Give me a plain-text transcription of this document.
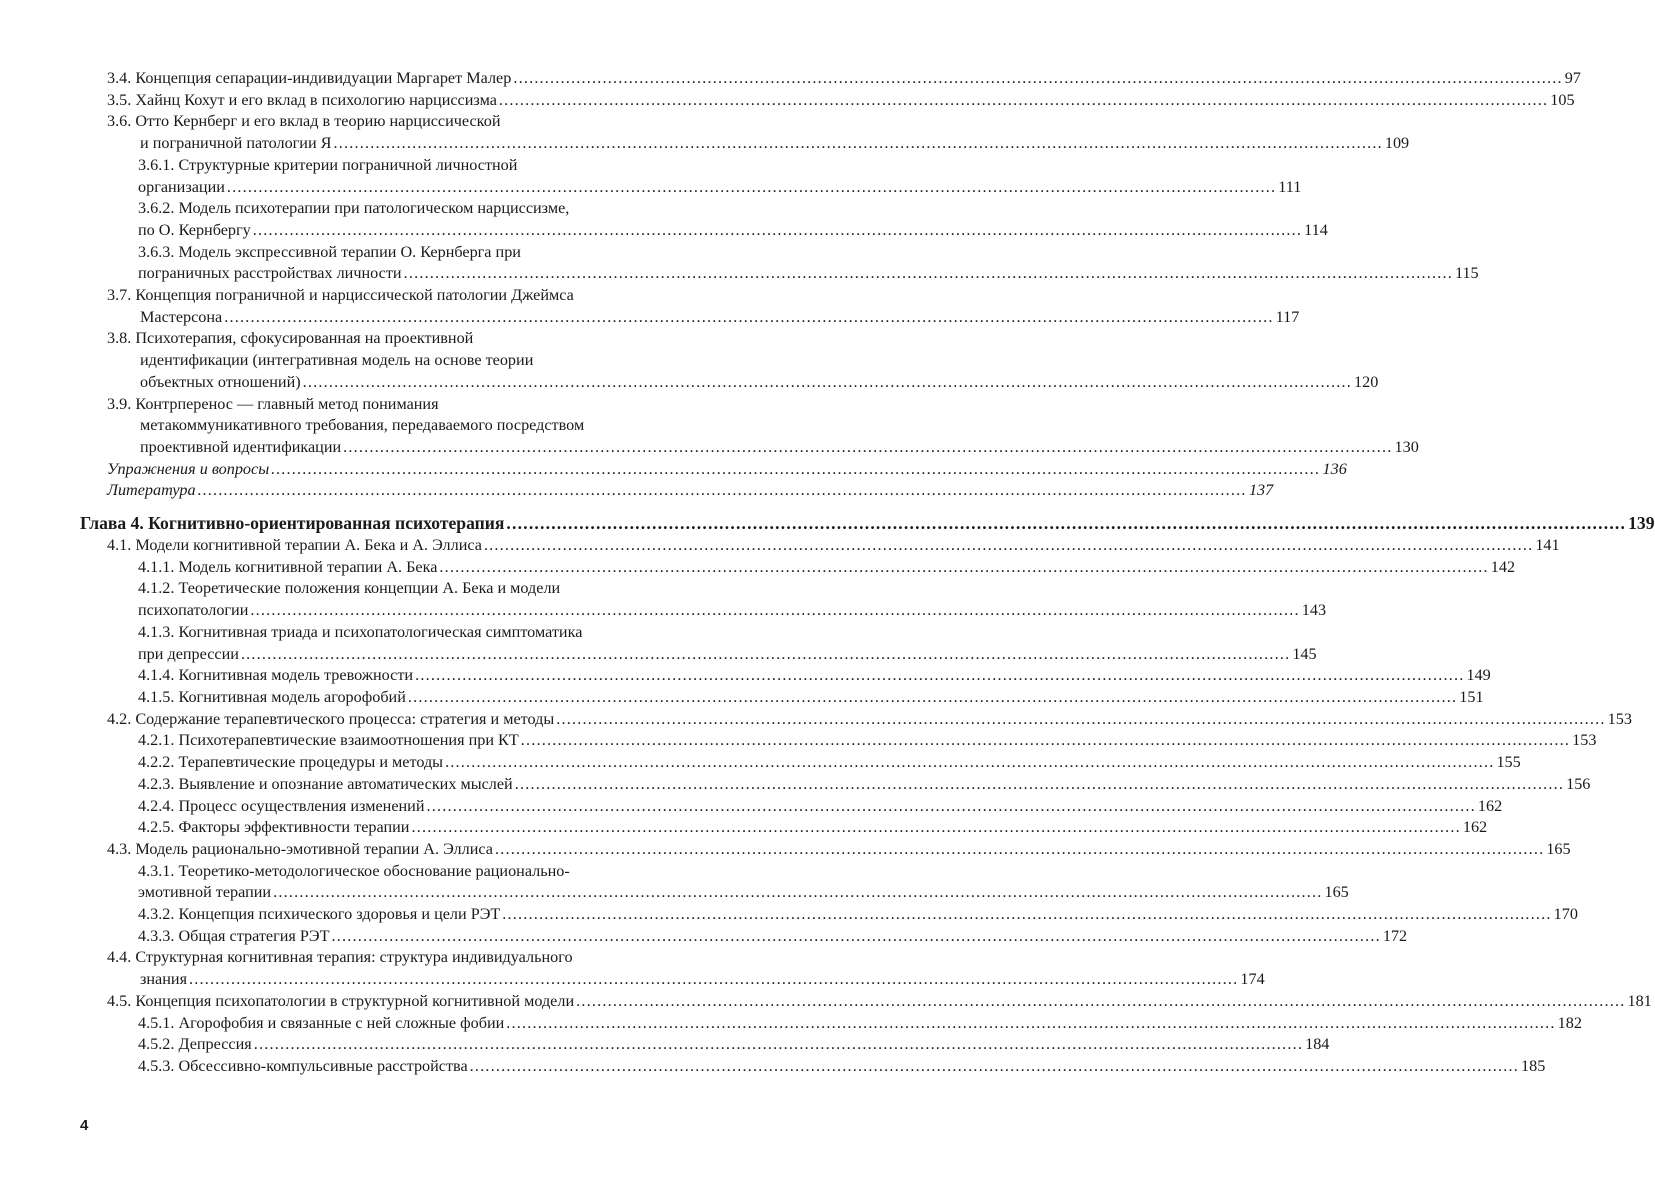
3.4. Концепция сепарации-индивидуации Маргарет Малер ........................................................................................................................................................................................................ 97
3.5. Хайнц Кохут и его вклад в психологию нарциссизма ........................................................................................................................................................................................................ 105
3.6. Отто Кернберг и его вклад в теорию нарциссической
и пограничной патологии Я ........................................................................................................................................................................................................ 109
3.6.1. Структурные критерии пограничной личностной
организации ........................................................................................................................................................................................................ 111
3.6.2. Модель психотерапии при патологическом нарциссизме,
по О. Кернбергу ........................................................................................................................................................................................................ 114
3.6.3. Модель экспрессивной терапии О. Кернберга при
пограничных расстройствах личности ........................................................................................................................................................................................................ 115
3.7. Концепция пограничной и нарциссической патологии Джеймса
Мастерсона ........................................................................................................................................................................................................ 117
3.8. Психотерапия, сфокусированная на проективной
идентификации (интегративная модель на основе теории
объектных отношений) ........................................................................................................................................................................................................ 120
3.9. Контрперенос — главный метод понимания
метакоммуникативного требования, передаваемого посредством
проективной идентификации ........................................................................................................................................................................................................ 130
Упражнения и вопросы ........................................................................................................................................................................................................ 136
Литература ........................................................................................................................................................................................................ 137
Глава 4. Когнитивно-ориентированная психотерапия ........................................................................................................................................................................................................ 139
4.1. Модели когнитивной терапии А. Бека и А. Эллиса ........................................................................................................................................................................................................ 141
4.1.1. Модель когнитивной терапии А. Бека ........................................................................................................................................................................................................ 142
4.1.2. Теоретические положения концепции А. Бека и модели
психопатологии ........................................................................................................................................................................................................ 143
4.1.3. Когнитивная триада и психопатологическая симптоматика
при депрессии ........................................................................................................................................................................................................ 145
4.1.4. Когнитивная модель тревожности ........................................................................................................................................................................................................ 149
4.1.5. Когнитивная модель агорофобий ........................................................................................................................................................................................................ 151
4.2. Содержание терапевтического процесса: стратегия и методы ........................................................................................................................................................................................................ 153
4.2.1. Психотерапевтические взаимоотношения при КТ ........................................................................................................................................................................................................ 153
4.2.2. Терапевтические процедуры и методы ........................................................................................................................................................................................................ 155
4.2.3. Выявление и опознание автоматических мыслей ........................................................................................................................................................................................................ 156
4.2.4. Процесс осуществления изменений ........................................................................................................................................................................................................ 162
4.2.5. Факторы эффективности терапии ........................................................................................................................................................................................................ 162
4.3. Модель рационально-эмотивной терапии А. Эллиса ........................................................................................................................................................................................................ 165
4.3.1. Теоретико-методологическое обоснование рационально-
эмотивной терапии ........................................................................................................................................................................................................ 165
4.3.2. Концепция психического здоровья и цели РЭТ ........................................................................................................................................................................................................ 170
4.3.3. Общая стратегия РЭТ ........................................................................................................................................................................................................ 172
4.4. Структурная когнитивная терапия: структура индивидуального
знания ........................................................................................................................................................................................................ 174
4.5. Концепция психопатологии в структурной когнитивной модели ........................................................................................................................................................................................................ 181
4.5.1. Агорофобия и связанные с ней сложные фобии ........................................................................................................................................................................................................ 182
4.5.2. Депрессия ........................................................................................................................................................................................................ 184
4.5.3. Обсессивно-компульсивные расстройства ........................................................................................................................................................................................................ 185
4
